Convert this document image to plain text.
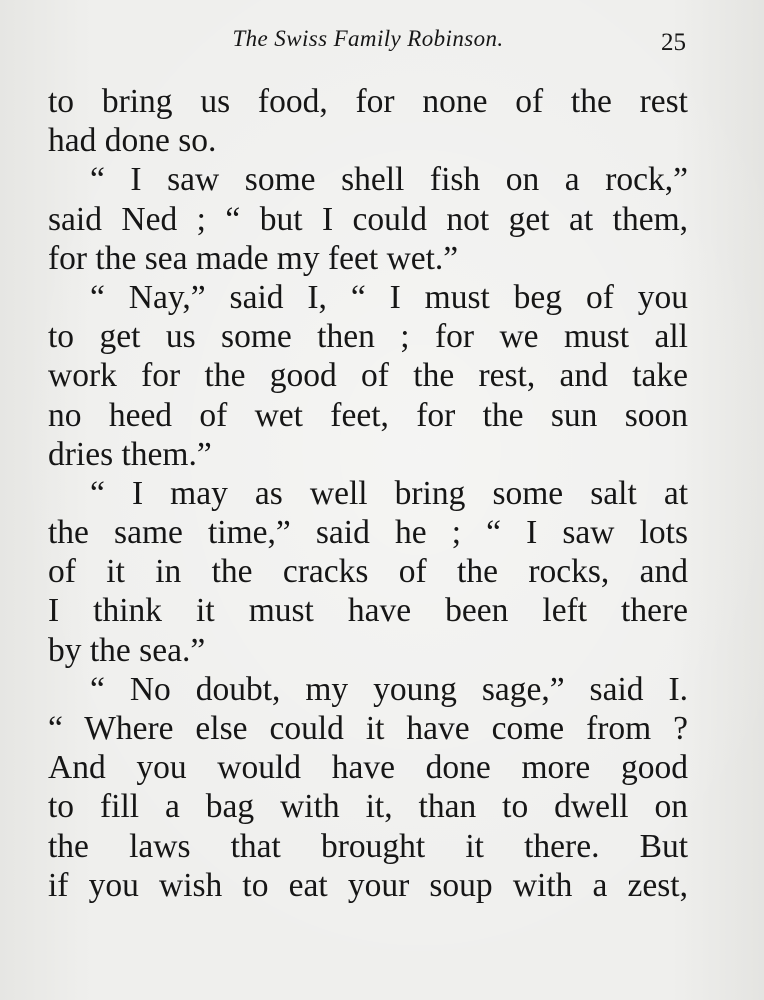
The Swiss Family Robinson.	25
to bring us food, for none of the rest
had done so.
“ I saw some shell fish on a rock,”
said Ned ; “ but I could not get at them,
for the sea made my feet wet.”
“ Nay,” said I, “ I must beg of you
to get us some then ; for we must all
work for the good of the rest, and take
no heed of wet feet, for the sun soon
dries them.”
“ I may as well bring some salt at
the same time,” said he ; “ I saw lots
of it in the cracks of the rocks, and
I think it must have been left there
by the sea.”
“ No doubt, my young sage,” said I.
“ Where else could it have come from ?
And you would have done more good
to fill a bag with it, than to dwell on
the laws that brought it there. But
if you wish to eat your soup with a zest,
